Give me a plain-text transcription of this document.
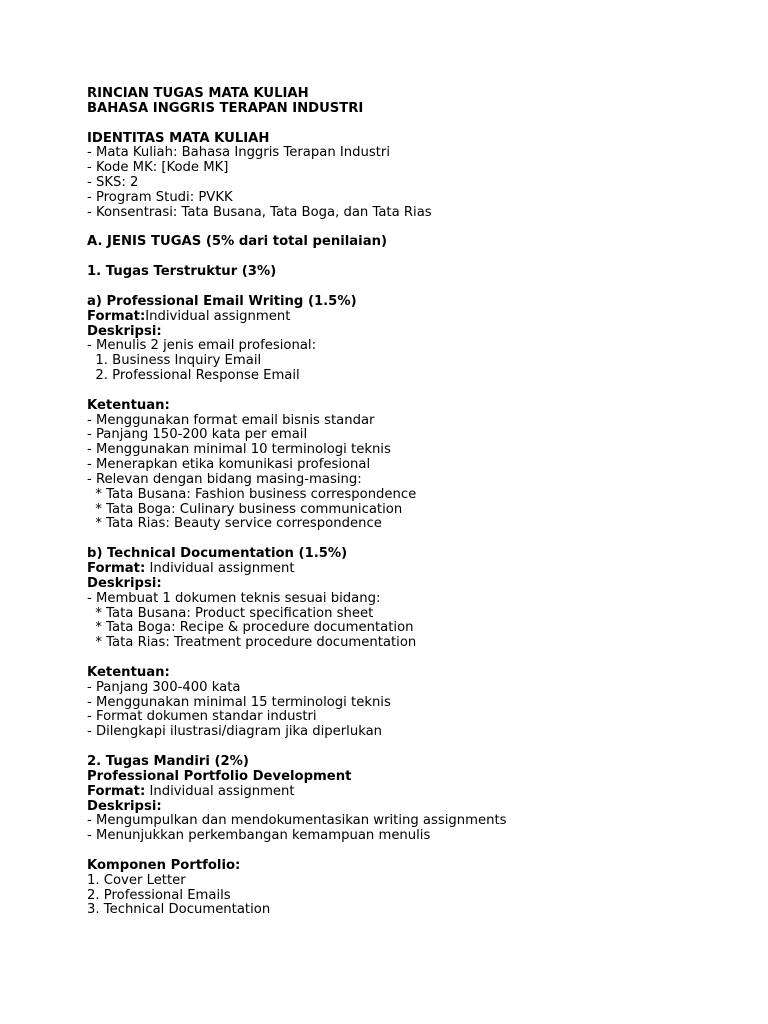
RINCIAN TUGAS MATA KULIAH
BAHASA INGGRIS TERAPAN INDUSTRI
IDENTITAS MATA KULIAH
- Mata Kuliah: Bahasa Inggris Terapan Industri
- Kode MK: [Kode MK]
- SKS: 2
- Program Studi: PVKK
- Konsentrasi: Tata Busana, Tata Boga, dan Tata Rias
A. JENIS TUGAS (5% dari total penilaian)
1. Tugas Terstruktur (3%)
a) Professional Email Writing (1.5%)
Format:Individual assignment
Deskripsi:
- Menulis 2 jenis email profesional:
1. Business Inquiry Email
2. Professional Response Email
Ketentuan:
- Menggunakan format email bisnis standar
- Panjang 150-200 kata per email
- Menggunakan minimal 10 terminologi teknis
- Menerapkan etika komunikasi profesional
- Relevan dengan bidang masing-masing:
* Tata Busana: Fashion business correspondence
* Tata Boga: Culinary business communication
* Tata Rias: Beauty service correspondence
b) Technical Documentation (1.5%)
Format: Individual assignment
Deskripsi:
- Membuat 1 dokumen teknis sesuai bidang:
* Tata Busana: Product specification sheet
* Tata Boga: Recipe & procedure documentation
* Tata Rias: Treatment procedure documentation
Ketentuan:
- Panjang 300-400 kata
- Menggunakan minimal 15 terminologi teknis
- Format dokumen standar industri
- Dilengkapi ilustrasi/diagram jika diperlukan
2. Tugas Mandiri (2%)
Professional Portfolio Development
Format: Individual assignment
Deskripsi:
- Mengumpulkan dan mendokumentasikan writing assignments
- Menunjukkan perkembangan kemampuan menulis
Komponen Portfolio:
1. Cover Letter
2. Professional Emails
3. Technical Documentation
